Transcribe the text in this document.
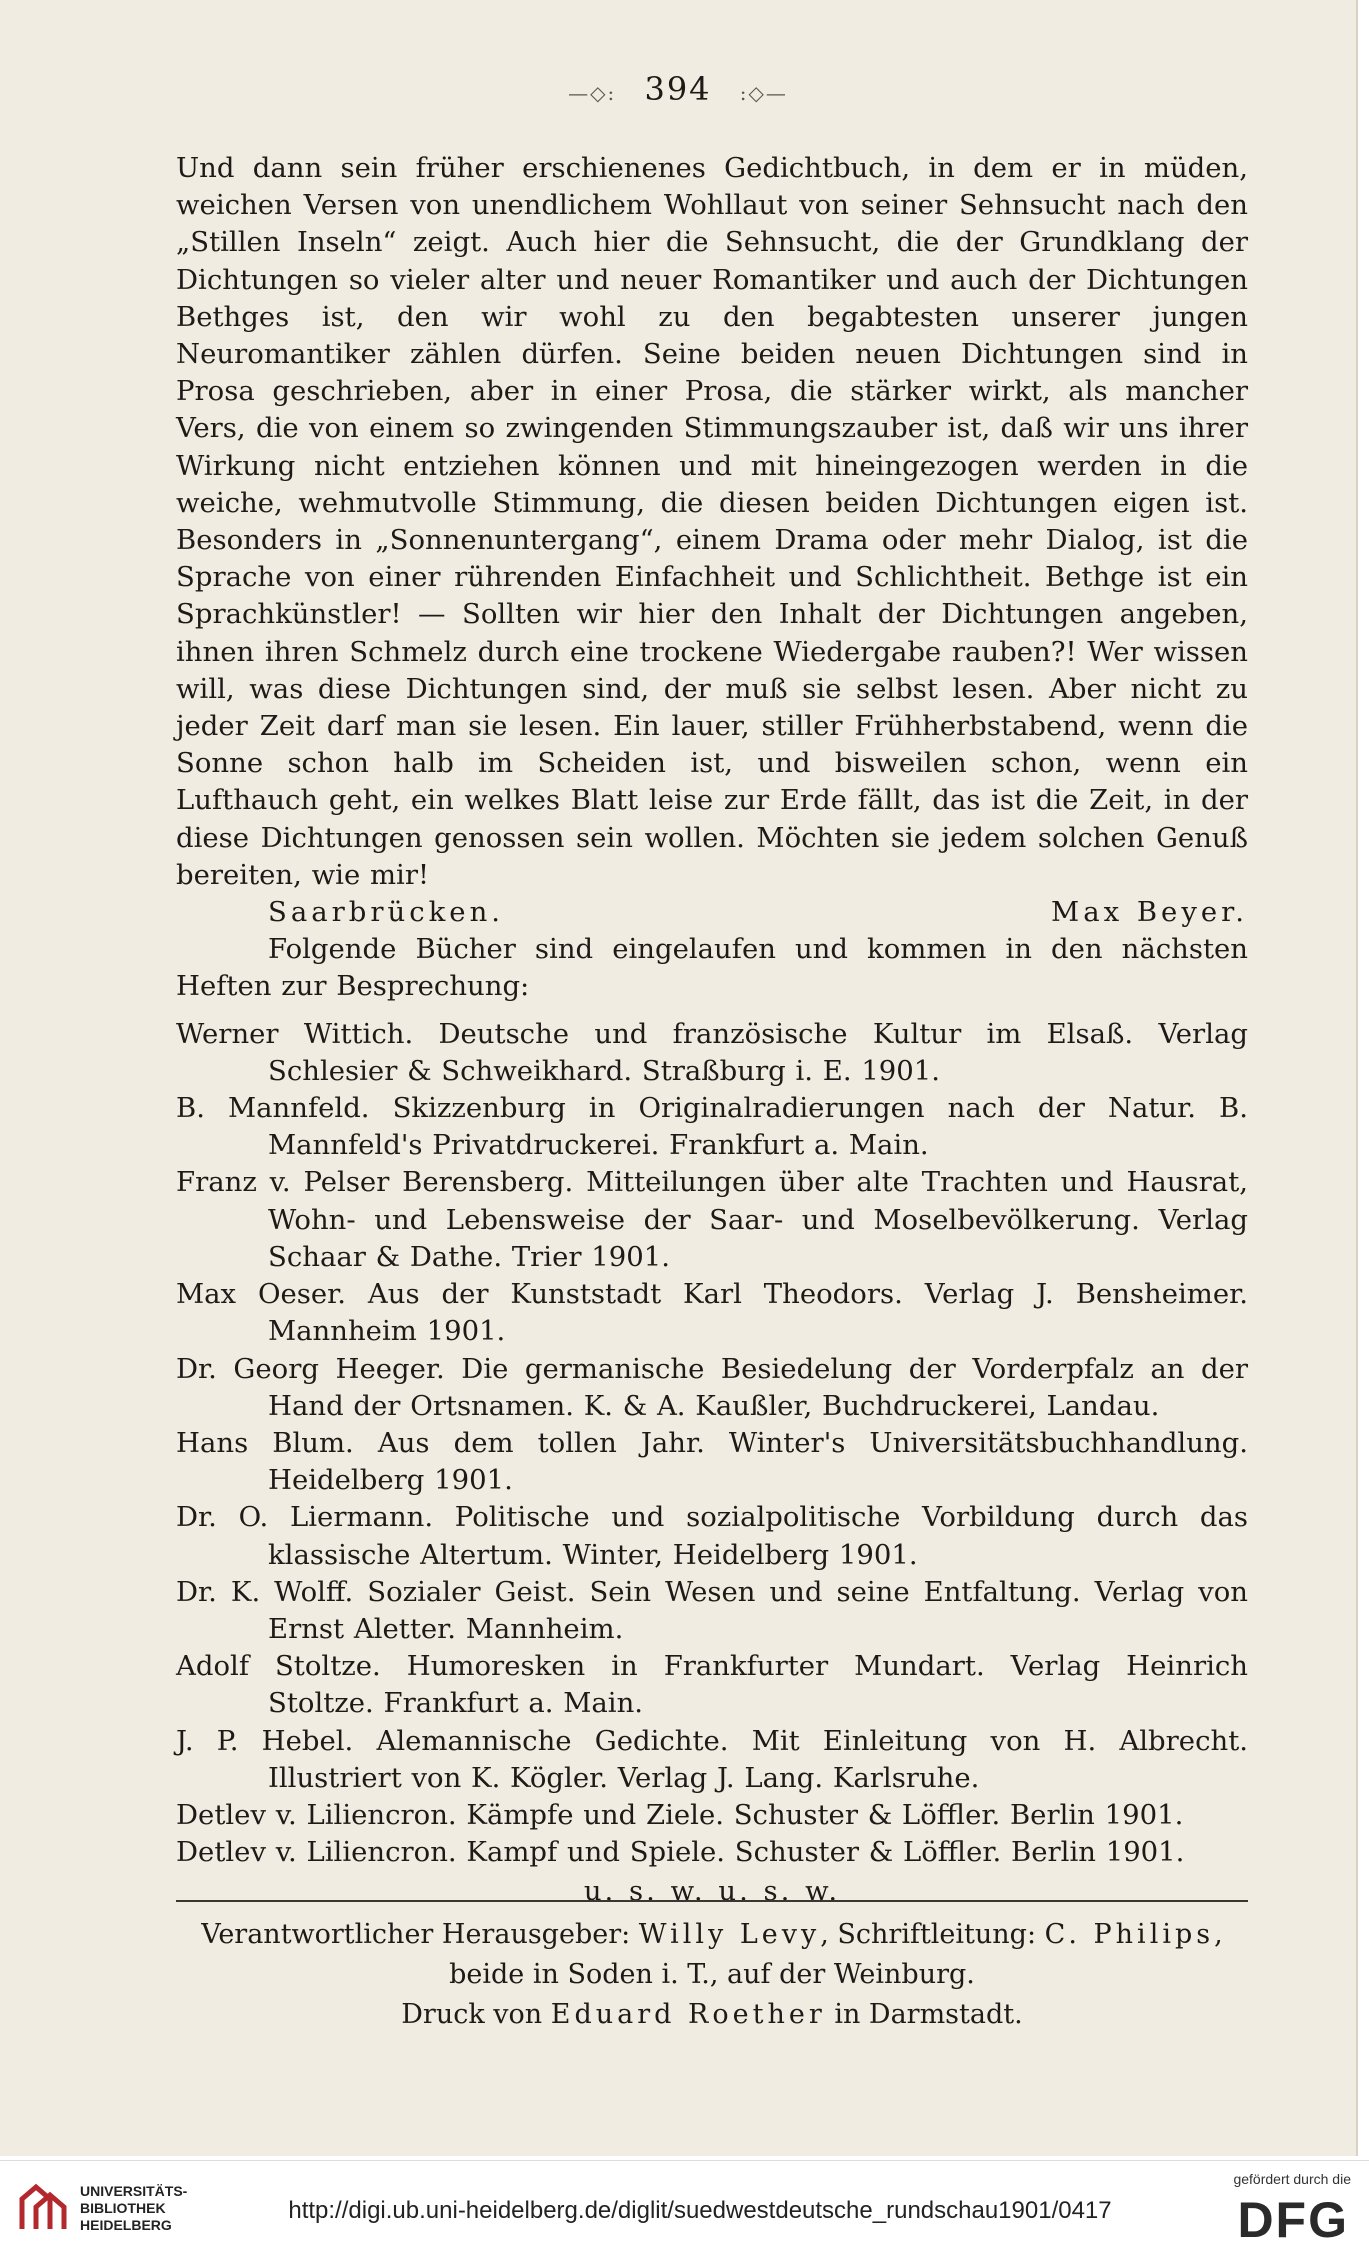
—◇: 394 :◇—

Und dann sein früher erschienenes Gedichtbuch, in dem er in müden, weichen Versen von unendlichem Wohllaut von seiner Sehnsucht nach den „Stillen Inseln“ zeigt. Auch hier die Sehnsucht, die der Grundklang der Dichtungen so vieler alter und neuer Romantiker und auch der Dichtungen Bethges ist, den wir wohl zu den begabtesten unserer jungen Neuromantiker zählen dürfen. Seine beiden neuen Dichtungen sind in Prosa geschrieben, aber in einer Prosa, die stärker wirkt, als mancher Vers, die von einem so zwingenden Stimmungszauber ist, daß wir uns ihrer Wirkung nicht entziehen können und mit hineingezogen werden in die weiche, wehmutvolle Stimmung, die diesen beiden Dichtungen eigen ist. Besonders in „Sonnenuntergang“, einem Drama oder mehr Dialog, ist die Sprache von einer rührenden Einfachheit und Schlichtheit. Bethge ist ein Sprachkünstler! — Sollten wir hier den Inhalt der Dichtungen angeben, ihnen ihren Schmelz durch eine trockene Wiedergabe rauben?! Wer wissen will, was diese Dichtungen sind, der muß sie selbst lesen. Aber nicht zu jeder Zeit darf man sie lesen. Ein lauer, stiller Frühherbstabend, wenn die Sonne schon halb im Scheiden ist, und bisweilen schon, wenn ein Lufthauch geht, ein welkes Blatt leise zur Erde fällt, das ist die Zeit, in der diese Dichtungen genossen sein wollen. Möchten sie jedem solchen Genuß bereiten, wie mir!

Saarbrücken.	Max Beyer.

Folgende Bücher sind eingelaufen und kommen in den nächsten Heften zur Besprechung:

Werner Wittich. Deutsche und französische Kultur im Elsaß. Verlag Schlesier & Schweikhard. Straßburg i. E. 1901.

B. Mannfeld. Skizzenburg in Originalradierungen nach der Natur. B. Mannfeld's Privatdruckerei. Frankfurt a. Main.

Franz v. Pelser Berensberg. Mitteilungen über alte Trachten und Hausrat, Wohn- und Lebensweise der Saar- und Moselbevölkerung. Verlag Schaar & Dathe. Trier 1901.

Max Oeser. Aus der Kunststadt Karl Theodors. Verlag J. Bensheimer. Mannheim 1901.

Dr. Georg Heeger. Die germanische Besiedelung der Vorderpfalz an der Hand der Ortsnamen. K. & A. Kaußler, Buchdruckerei, Landau.

Hans Blum. Aus dem tollen Jahr. Winter's Universitätsbuchhandlung. Heidelberg 1901.

Dr. O. Liermann. Politische und sozialpolitische Vorbildung durch das klassische Altertum. Winter, Heidelberg 1901.

Dr. K. Wolff. Sozialer Geist. Sein Wesen und seine Entfaltung. Verlag von Ernst Aletter. Mannheim.

Adolf Stoltze. Humoresken in Frankfurter Mundart. Verlag Heinrich Stoltze. Frankfurt a. Main.

J. P. Hebel. Alemannische Gedichte. Mit Einleitung von H. Albrecht. Illustriert von K. Kögler. Verlag J. Lang. Karlsruhe.

Detlev v. Liliencron. Kämpfe und Ziele. Schuster & Löffler. Berlin 1901.

Detlev v. Liliencron. Kampf und Spiele. Schuster & Löffler. Berlin 1901.

u. s. w. u. s. w.
Verantwortlicher Herausgeber: Willy Levy, Schriftleitung: C. Philips,
beide in Soden i. T., auf der Weinburg.
Druck von Eduard Roether in Darmstadt.
UNIVERSITÄTS-
BIBLIOTHEK
HEIDELBERG
http://digi.ub.uni-heidelberg.de/diglit/suedwestdeutsche_rundschau1901/0417
gefördert durch die
DFG
